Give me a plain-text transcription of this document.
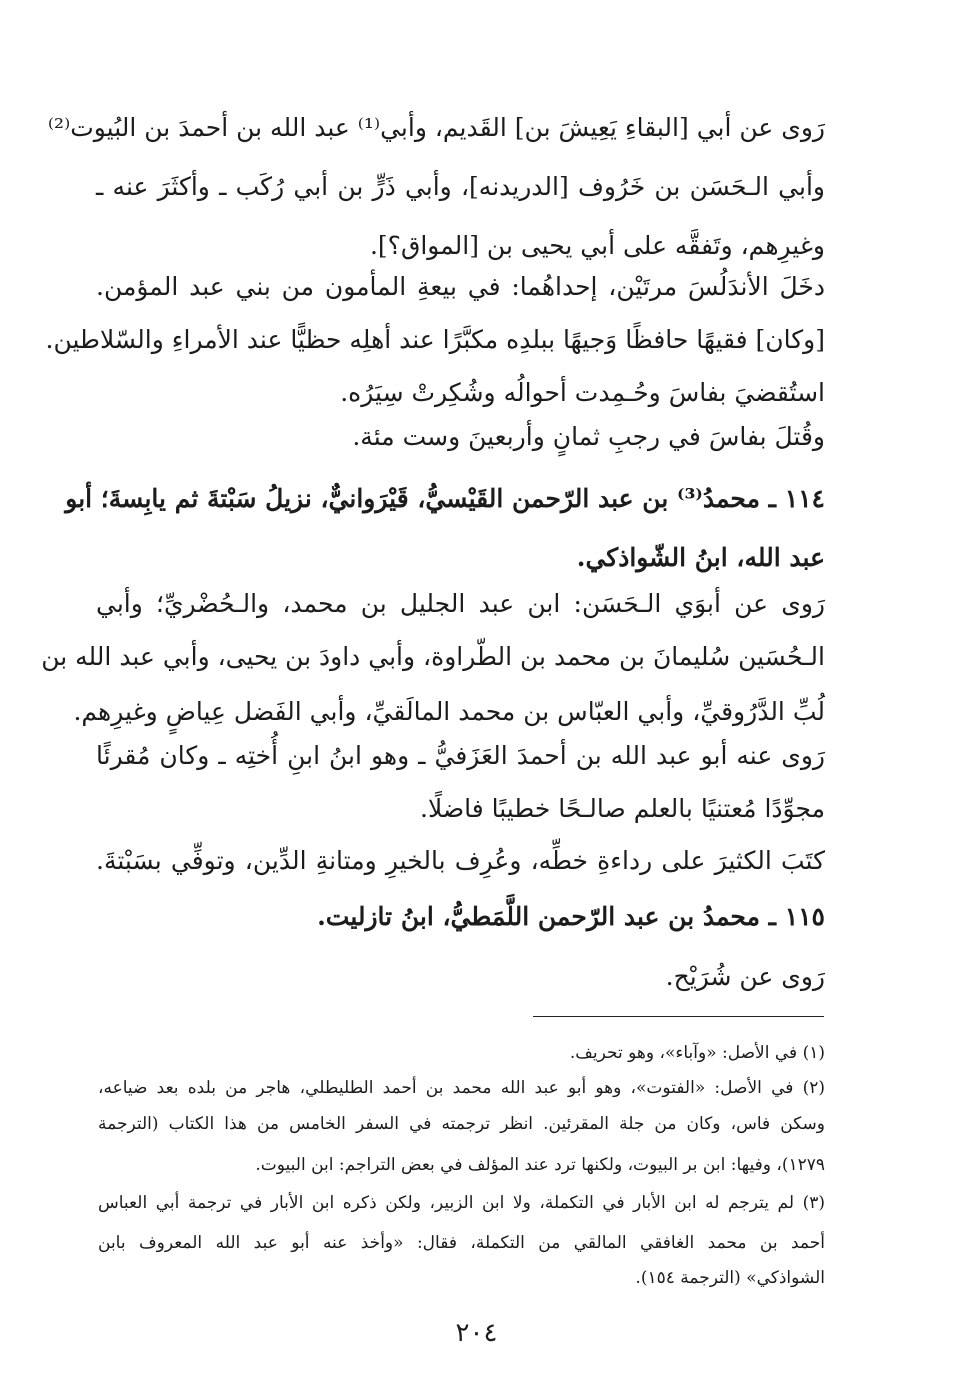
رَوى عن أبي [البقاءِ يَعِيشَ بن] القَديم، وأبي⁽¹⁾ عبد الله بن أحمدَ بن البُيوت⁽²⁾
وأبي الـحَسَن بن خَرُوف [الدريدنه]، وأبي ذَرٍّ بن أبي رُكَب ـ وأكثَرَ عنه ـ
وغيرِهم، وتَفقَّه على أبي يحيى بن [المواق؟].
دخَلَ الأندَلُسَ مرتَيْن، إحداهُما: في بيعةِ المأمون من بني عبد المؤمن.
[وكان] فقيهًا حافظًا وَجيهًا ببلدِه مكبَّرًا عند أهلِه حظيًّا عند الأمراءِ والسّلاطين.
استُقضيَ بفاسَ وحُـمِدت أحوالُه وشُكِرتْ سِيَرُه.
وقُتلَ بفاسَ في رجبِ ثمانٍ وأربعينَ وست مئة.
١١٤ ـ محمدُ⁽³⁾ بن عبد الرّحمن القَيْسيُّ، قَيْرَوانيٌّ، نزيلُ سَبْتةَ ثم يابِسةَ؛ أبو
عبد الله، ابنُ الشّواذكي.
رَوى عن أبوَي الـحَسَن: ابن عبد الجليل بن محمد، والـحُضْريِّ؛ وأبي
الـحُسَين سُليمانَ بن محمد بن الطّراوة، وأبي داودَ بن يحيى، وأبي عبد الله بن
لُبِّ الدَّرُوقيِّ، وأبي العبّاس بن محمد المالَقيِّ، وأبي الفَضل عِياضٍ وغيرِهم.
رَوى عنه أبو عبد الله بن أحمدَ العَزَفيُّ ـ وهو ابنُ ابنِ أُختِه ـ وكان مُقرئًا
مجوِّدًا مُعتنيًا بالعلم صالـحًا خطيبًا فاضلًا.
كتَبَ الكثيرَ على رداءةِ خطِّه، وعُرِف بالخيرِ ومتانةِ الدِّين، وتوفِّي بسَبْتةَ.
١١٥ ـ محمدُ بن عبد الرّحمن اللَّمَطيُّ، ابنُ تازليت.
رَوى عن شُرَيْح.
(١) في الأصل: «وآباء»، وهو تحريف.
(٢) في الأصل: «الفتوت»، وهو أبو عبد الله محمد بن أحمد الطليطلي، هاجر من بلده بعد ضياعه،
وسكن فاس، وكان من جلة المقرئين. انظر ترجمته في السفر الخامس من هذا الكتاب (الترجمة
١٢٧٩)، وفيها: ابن بر البيوت، ولكنها ترد عند المؤلف في بعض التراجم: ابن البيوت.
(٣) لم يترجم له ابن الأبار في التكملة، ولا ابن الزبير، ولكن ذكره ابن الأبار في ترجمة أبي العباس
أحمد بن محمد الغافقي المالقي من التكملة، فقال: «وأخذ عنه أبو عبد الله المعروف بابن
الشواذكي» (الترجمة ١٥٤).
٢٠٤
